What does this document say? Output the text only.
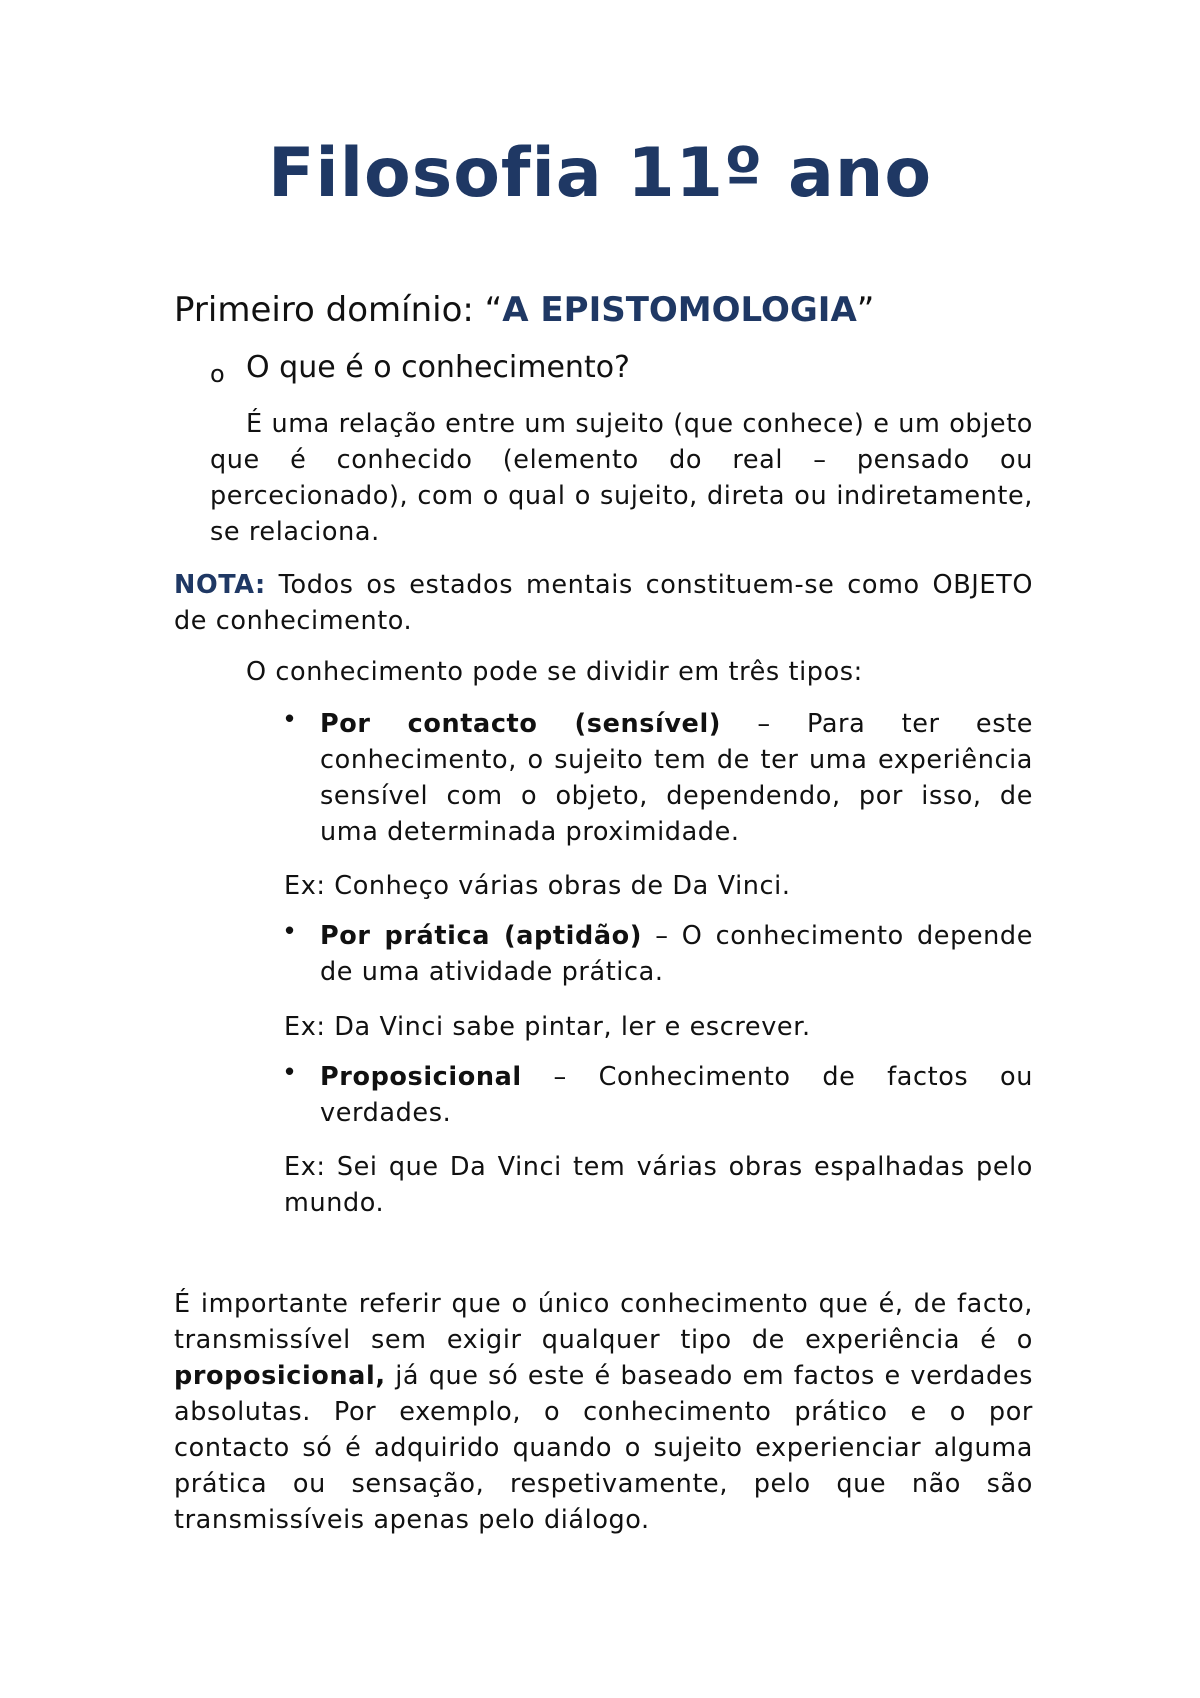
Filosofia 11º ano
Primeiro domínio: “A EPISTOMOLOGIA”
o O que é o conhecimento?
É uma relação entre um sujeito (que conhece) e um objeto que é conhecido (elemento do real – pensado ou percecionado), com o qual o sujeito, direta ou indiretamente, se relaciona.
NOTA: Todos os estados mentais constituem-se como OBJETO de conhecimento.
O conhecimento pode se dividir em três tipos:
• Por contacto (sensível) – Para ter este conhecimento, o sujeito tem de ter uma experiência sensível com o objeto, dependendo, por isso, de uma determinada proximidade.
Ex: Conheço várias obras de Da Vinci.
• Por prática (aptidão) – O conhecimento depende de uma atividade prática.
Ex: Da Vinci sabe pintar, ler e escrever.
• Proposicional – Conhecimento de factos ou verdades.
Ex: Sei que Da Vinci tem várias obras espalhadas pelo mundo.
É importante referir que o único conhecimento que é, de facto, transmissível sem exigir qualquer tipo de experiência é o proposicional, já que só este é baseado em factos e verdades absolutas. Por exemplo, o conhecimento prático e o por contacto só é adquirido quando o sujeito experienciar alguma prática ou sensação, respetivamente, pelo que não são transmissíveis apenas pelo diálogo.
